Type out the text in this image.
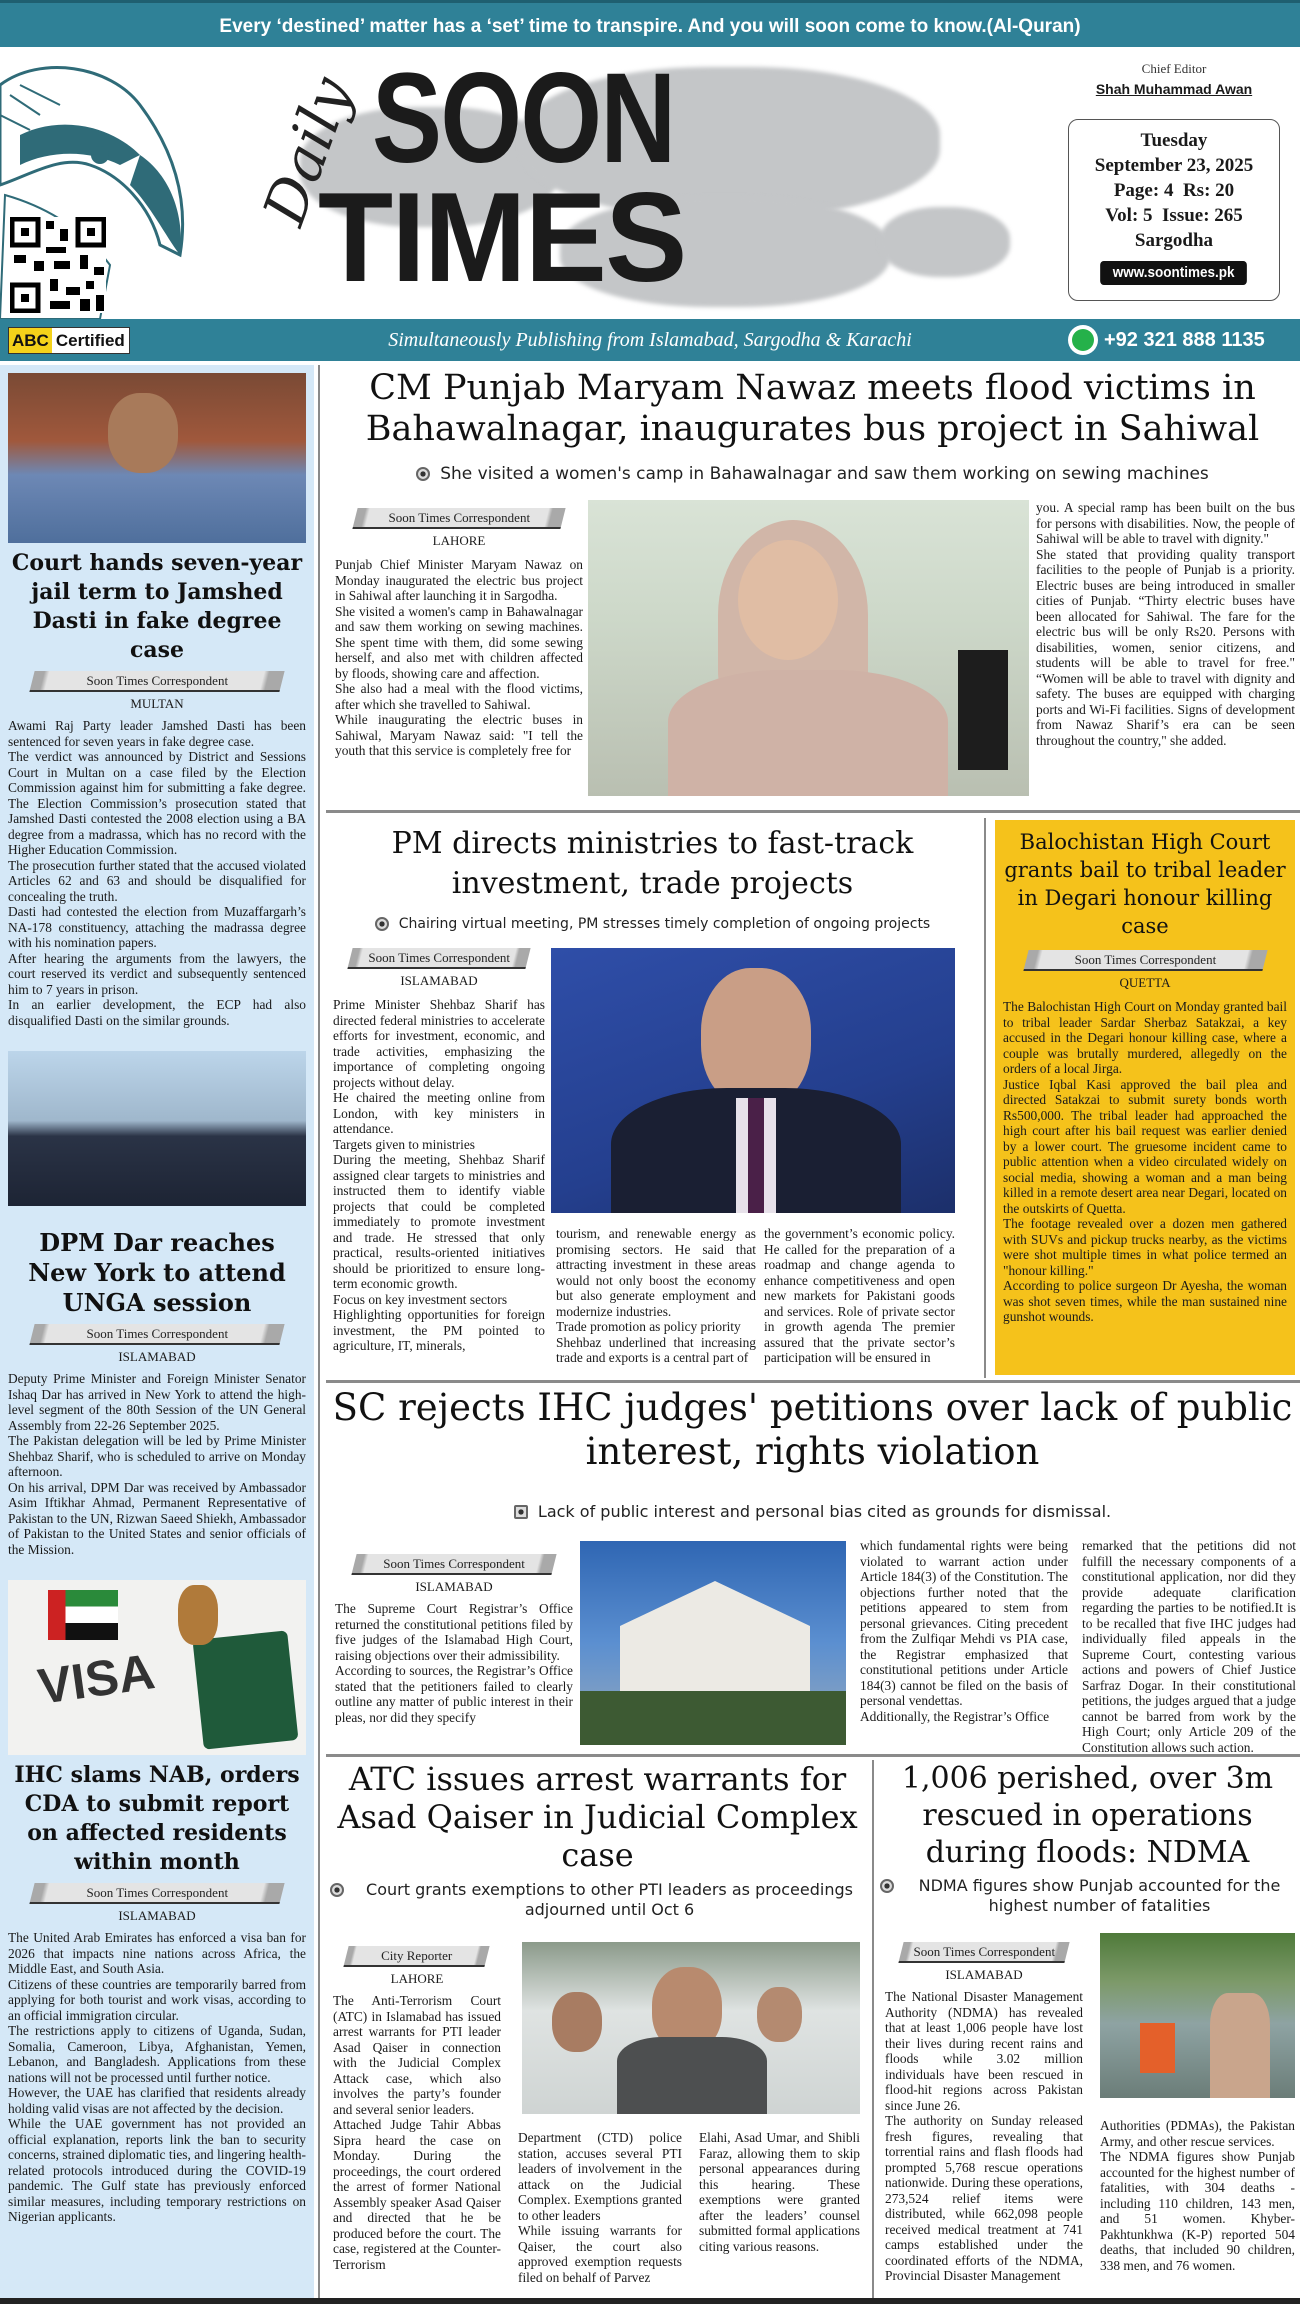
Every ‘destined’ matter has a ‘set’ time to transpire. And you will soon come to know.(Al-Quran)
Daily SOON
TIMES
Chief Editor
Shah Muhammad Awan
Tuesday
September 23, 2025
Page: 4 Rs: 20
Vol: 5 Issue: 265
Sargodha
www.soontimes.pk
Simultaneously Publishing from Islamabad, Sargodha & Karachi
ABC Certified	+92 321 888 1135
Court hands seven-year jail term to Jamshed Dasti in fake degree case
Soon Times Correspondent
MULTAN

Awami Raj Party leader Jamshed Dasti has been sentenced for seven years in fake degree case.

The verdict was announced by District and Sessions Court in Multan on a case filed by the Election Commission against him for submitting a fake degree. The Election Commission’s prosecution stated that Jamshed Dasti contested the 2008 election using a BA degree from a madrassa, which has no record with the Higher Education Commission.

The prosecution further stated that the accused violated Articles 62 and 63 and should be disqualified for concealing the truth.

Dasti had contested the election from Muzaffargarh’s NA-178 constituency, attaching the madrassa degree with his nomination papers.

After hearing the arguments from the lawyers, the court reserved its verdict and subsequently sentenced him to 7 years in prison.

In an earlier development, the ECP had also disqualified Dasti on the similar grounds.

DPM Dar reaches New York to attend UNGA session
Soon Times Correspondent
ISLAMABAD

Deputy Prime Minister and Foreign Minister Senator Ishaq Dar has arrived in New York to attend the high-level segment of the 80th Session of the UN General Assembly from 22-26 September 2025.

The Pakistan delegation will be led by Prime Minister Shehbaz Sharif, who is scheduled to arrive on Monday afternoon.

On his arrival, DPM Dar was received by Ambassador Asim Iftikhar Ahmad, Permanent Representative of Pakistan to the UN, Rizwan Saeed Shiekh, Ambassador of Pakistan to the United States and senior officials of the Mission.

VISA
IHC slams NAB, orders CDA to submit report on affected residents within month
Soon Times Correspondent
ISLAMABAD

The United Arab Emirates has enforced a visa ban for 2026 that impacts nine nations across Africa, the Middle East, and South Asia.

Citizens of these countries are temporarily barred from applying for both tourist and work visas, according to an official immigration circular.

The restrictions apply to citizens of Uganda, Sudan, Somalia, Cameroon, Libya, Afghanistan, Yemen, Lebanon, and Bangladesh. Applications from these nations will not be processed until further notice.

However, the UAE has clarified that residents already holding valid visas are not affected by the decision.

While the UAE government has not provided an official explanation, reports link the ban to security concerns, strained diplomatic ties, and lingering health-related protocols introduced during the COVID-19 pandemic. The Gulf state has previously enforced similar measures, including temporary restrictions on Nigerian applicants.

CM Punjab Maryam Nawaz meets flood victims in Bahawalnagar, inaugurates bus project in Sahiwal
She visited a women's camp in Bahawalnagar and saw them working on sewing machines
Soon Times Correspondent
LAHORE

Punjab Chief Minister Maryam Nawaz on Monday inaugurated the electric bus project in Sahiwal after launching it in Sargodha.

She visited a women's camp in Bahawalnagar and saw them working on sewing machines. She spent time with them, did some sewing herself, and also met with children affected by floods, showing care and affection.

She also had a meal with the flood victims, after which she travelled to Sahiwal.

While inaugurating the electric buses in Sahiwal, Maryam Nawaz said: "I tell the youth that this service is completely free for

you. A special ramp has been built on the bus for persons with disabilities. Now, the people of Sahiwal will be able to travel with dignity."

She stated that providing quality transport facilities to the people of Punjab is a priority. Electric buses are being introduced in smaller cities of Punjab. “Thirty electric buses have been allocated for Sahiwal. The fare for the electric bus will be only Rs20. Persons with disabilities, women, senior citizens, and students will be able to travel for free." “Women will be able to travel with dignity and safety. The buses are equipped with charging ports and Wi-Fi facilities. Signs of development from Nawaz Sharif’s era can be seen throughout the country," she added.

PM directs ministries to fast-track investment, trade projects
Chairing virtual meeting, PM stresses timely completion of ongoing projects
Soon Times Correspondent
ISLAMABAD

Prime Minister Shehbaz Sharif has directed federal ministries to accelerate efforts for investment, economic, and trade activities, emphasizing the importance of completing ongoing projects without delay.

He chaired the meeting online from London, with key ministers in attendance.

Targets given to ministries

During the meeting, Shehbaz Sharif assigned clear targets to ministries and instructed them to identify viable projects that could be completed immediately to promote investment and trade. He stressed that only practical, results-oriented initiatives should be prioritized to ensure long-term economic growth.

Focus on key investment sectors

Highlighting opportunities for foreign investment, the PM pointed to agriculture, IT, minerals,

tourism, and renewable energy as promising sectors. He said that attracting investment in these areas would not only boost the economy but also generate employment and modernize industries.

Trade promotion as policy priority

Shehbaz underlined that increasing trade and exports is a central part of

the government’s economic policy. He called for the preparation of a roadmap and change agenda to enhance competitiveness and open new markets for Pakistani goods and services. Role of private sector in growth agenda The premier assured that the private sector’s participation will be ensured in

Balochistan High Court grants bail to tribal leader in Degari honour killing case
Soon Times Correspondent
QUETTA

The Balochistan High Court on Monday granted bail to tribal leader Sardar Sherbaz Satakzai, a key accused in the Degari honour killing case, where a couple was brutally murdered, allegedly on the orders of a local Jirga.

Justice Iqbal Kasi approved the bail plea and directed Satakzai to submit surety bonds worth Rs500,000. The tribal leader had approached the high court after his bail request was earlier denied by a lower court. The gruesome incident came to public attention when a video circulated widely on social media, showing a woman and a man being killed in a remote desert area near Degari, located on the outskirts of Quetta.

The footage revealed over a dozen men gathered with SUVs and pickup trucks nearby, as the victims were shot multiple times in what police termed an "honour killing."

According to police surgeon Dr Ayesha, the woman was shot seven times, while the man sustained nine gunshot wounds.

SC rejects IHC judges' petitions over lack of public interest, rights violation
Lack of public interest and personal bias cited as grounds for dismissal.
Soon Times Correspondent
ISLAMABAD

The Supreme Court Registrar’s Office returned the constitutional petitions filed by five judges of the Islamabad High Court, raising objections over their admissibility.

According to sources, the Registrar’s Office stated that the petitioners failed to clearly outline any matter of public interest in their pleas, nor did they specify

which fundamental rights were being violated to warrant action under Article 184(3) of the Constitution. The objections further noted that the petitions appeared to stem from personal grievances. Citing precedent from the Zulfiqar Mehdi vs PIA case, the Registrar emphasized that constitutional petitions under Article 184(3) cannot be filed on the basis of personal vendettas.

Additionally, the Registrar’s Office

remarked that the petitions did not fulfill the necessary components of a constitutional application, nor did they provide adequate clarification regarding the parties to be notified.It is to be recalled that five IHC judges had individually filed appeals in the Supreme Court, contesting various actions and powers of Chief Justice Sarfraz Dogar. In their constitutional petitions, the judges argued that a judge cannot be barred from work by the High Court; only Article 209 of the Constitution allows such action.

ATC issues arrest warrants for Asad Qaiser in Judicial Complex case
Court grants exemptions to other PTI leaders as proceedings adjourned until Oct 6
City Reporter
LAHORE

The Anti-Terrorism Court (ATC) in Islamabad has issued arrest warrants for PTI leader Asad Qaiser in connection with the Judicial Complex Attack case, which also involves the party’s founder and several senior leaders.

Attached Judge Tahir Abbas Sipra heard the case on Monday. During the proceedings, the court ordered the arrest of former National Assembly speaker Asad Qaiser and directed that he be produced before the court. The case, registered at the Counter-Terrorism

Department (CTD) police station, accuses several PTI leaders of involvement in the attack on the Judicial Complex. Exemptions granted to other leaders

While issuing warrants for Qaiser, the court also approved exemption requests filed on behalf of Parvez

Elahi, Asad Umar, and Shibli Faraz, allowing them to skip personal appearances during this hearing. These exemptions were granted after the leaders’ counsel submitted formal applications citing various reasons.

1,006 perished, over 3m rescued in operations during floods: NDMA
NDMA figures show Punjab accounted for the highest number of fatalities
Soon Times Correspondent
ISLAMABAD

The National Disaster Management Authority (NDMA) has revealed that at least 1,006 people have lost their lives during recent rains and floods while 3.02 million individuals have been rescued in flood-hit regions across Pakistan since June 26.

The authority on Sunday released fresh figures, revealing that torrential rains and flash floods had prompted 5,768 rescue operations nationwide. During these operations, 273,524 relief items were distributed, while 662,098 people received medical treatment at 741 camps established under the coordinated efforts of the NDMA, Provincial Disaster Management

Authorities (PDMAs), the Pakistan Army, and other rescue services.

The NDMA figures show Punjab accounted for the highest number of fatalities, with 304 deaths - including 110 children, 143 men, and 51 women. Khyber-Pakhtunkhwa (K-P) reported 504 deaths, that included 90 children, 338 men, and 76 women.
